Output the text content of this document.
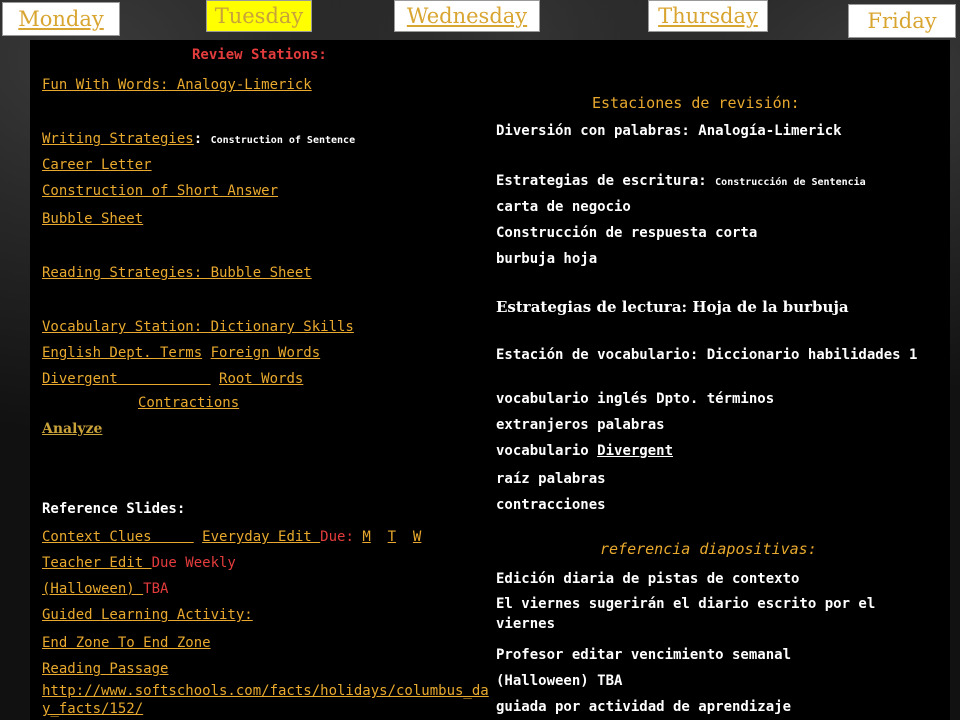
Monday	Tuesday	Wednesday	Thursday	Friday
Review Stations:
Fun With Words: Analogy-Limerick
Writing Strategies: Construction of Sentence
Career Letter
Construction of Short Answer
Bubble Sheet
Reading Strategies: Bubble Sheet
Vocabulary Station: Dictionary Skills
English Dept. Terms Foreign Words
Divergent            Root Words
Contractions
Analyze
Reference Slides:
Context Clues      Everyday Edit Due: M T W
Teacher Edit Due Weekly
(Halloween) TBA
Guided Learning Activity:
End Zone To End Zone
Reading Passage
http://www.softschools.com/facts/holidays/columbus_day_facts/152/
Estaciones de revisión:
Diversión con palabras: Analogía-Limerick
Estrategias de escritura: Construcción de Sentencia
carta de negocio
Construcción de respuesta corta
burbuja hoja
Estrategias de lectura: Hoja de la burbuja
Estación de vocabulario: Diccionario habilidades 1
vocabulario inglés Dpto. términos
extranjeros palabras
vocabulario Divergent
raíz palabras
contracciones
referencia diapositivas:
Edición diaria de pistas de contexto
El viernes sugerirán el diario escrito por el viernes
Profesor editar vencimiento semanal
(Halloween) TBA
guiada por actividad de aprendizaje
